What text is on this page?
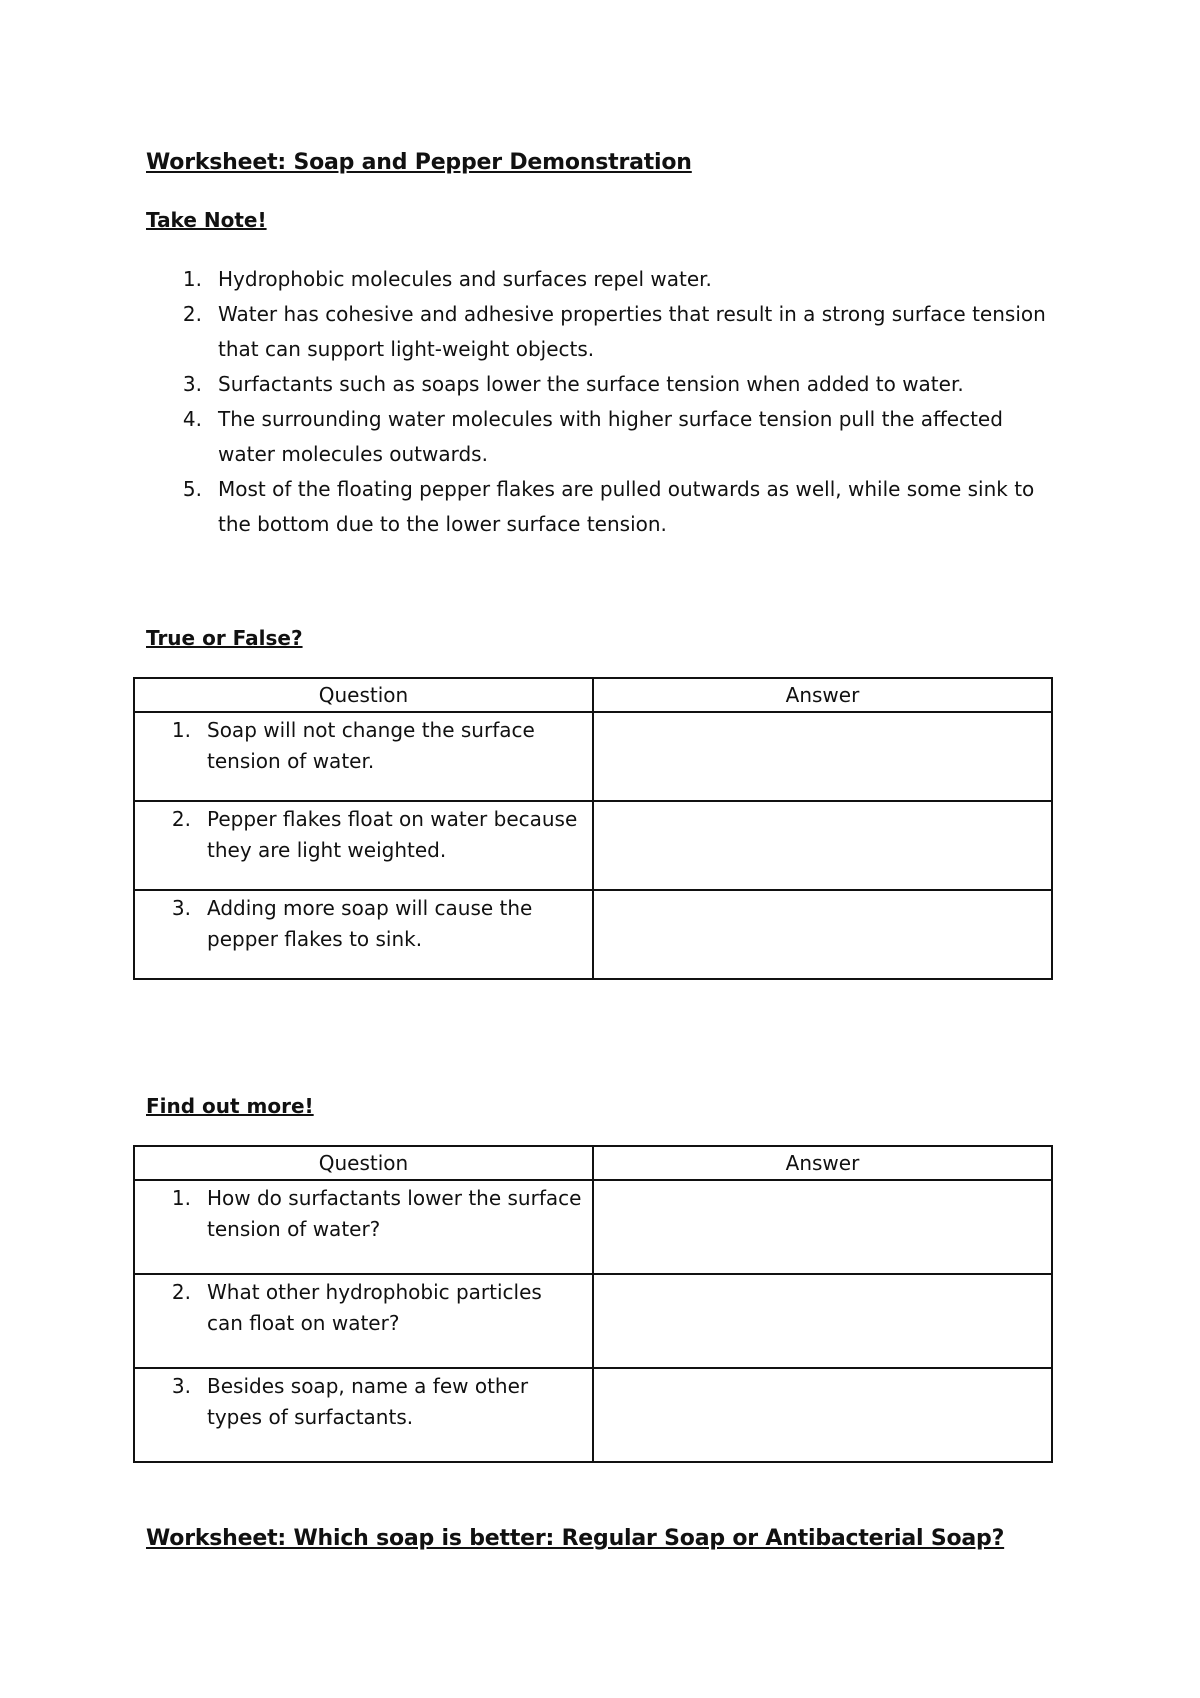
Worksheet: Soap and Pepper Demonstration
Take Note!
1. Hydrophobic molecules and surfaces repel water.
2. Water has cohesive and adhesive properties that result in a strong surface tension that can support light-weight objects.
3. Surfactants such as soaps lower the surface tension when added to water.
4. The surrounding water molecules with higher surface tension pull the affected water molecules outwards.
5. Most of the floating pepper flakes are pulled outwards as well, while some sink to the bottom due to the lower surface tension.
True or False?
Question	Answer

1. Soap will not change the surface tension of water.	

2. Pepper flakes float on water because they are light weighted.	

3. Adding more soap will cause the pepper flakes to sink.	

Find out more!
Question	Answer

1. How do surfactants lower the surface tension of water?	

2. What other hydrophobic particles can float on water?	

3. Besides soap, name a few other types of surfactants.	

Worksheet: Which soap is better: Regular Soap or Antibacterial Soap?
